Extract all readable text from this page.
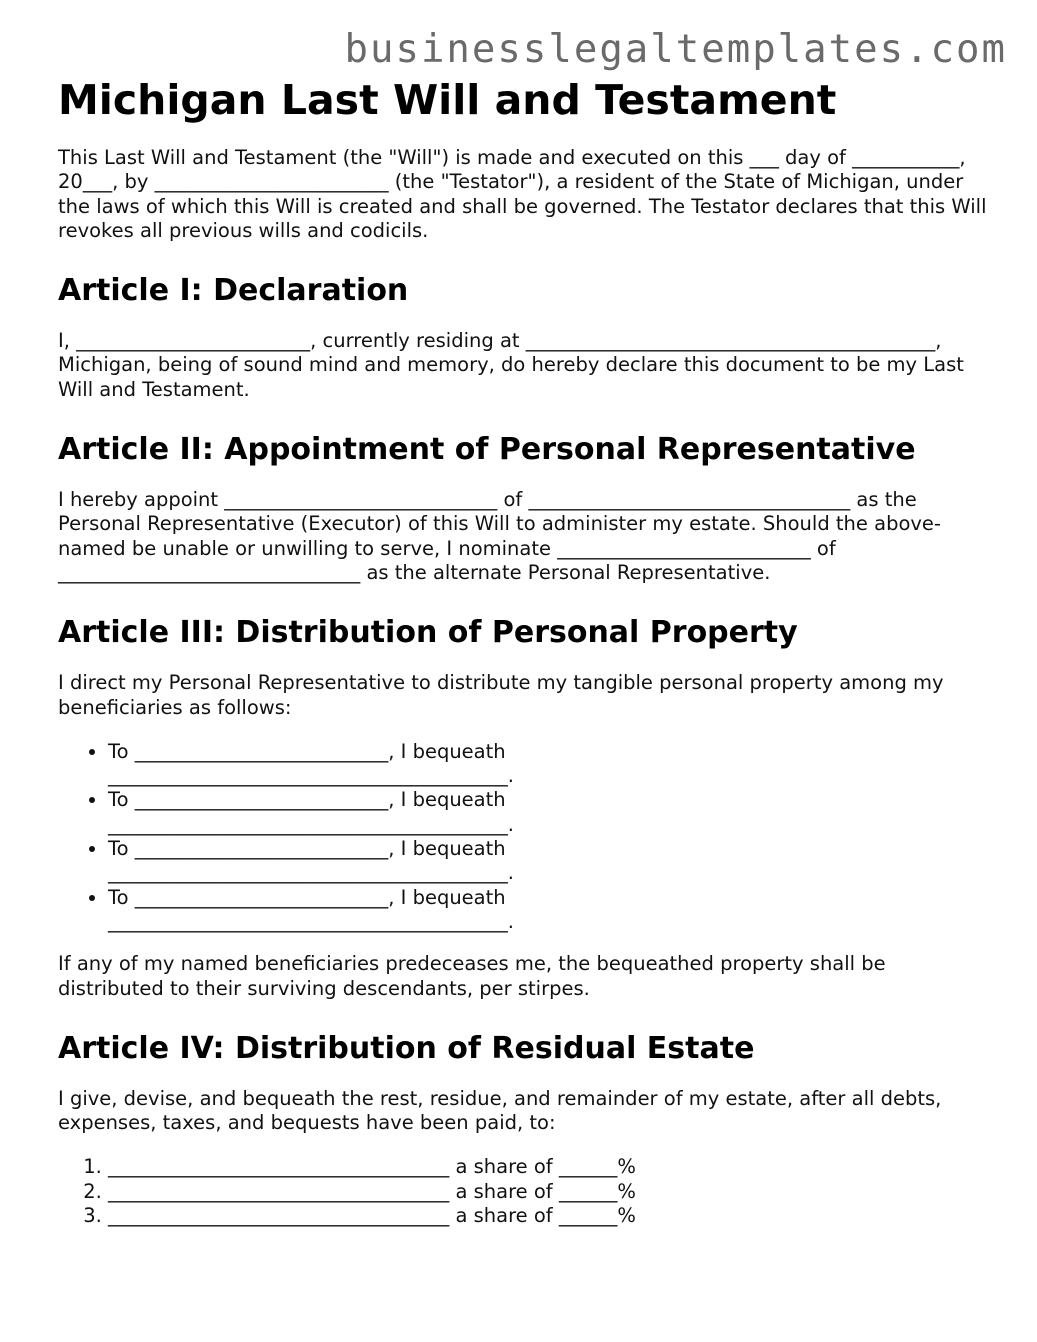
businesslegaltemplates.com
Michigan Last Will and Testament

This Last Will and Testament (the "Will") is made and executed on this ___ day of ___________, 20___, by ________________________ (the "Testator"), a resident of the State of Michigan, under the laws of which this Will is created and shall be governed. The Testator declares that this Will revokes all previous wills and codicils.

Article I: Declaration

I, ________________________, currently residing at __________________________________________, Michigan, being of sound mind and memory, do hereby declare this document to be my Last Will and Testament.

Article II: Appointment of Personal Representative

I hereby appoint ____________________________ of _________________________________ as the Personal Representative (Executor) of this Will to administer my estate. Should the above-named be unable or unwilling to serve, I nominate __________________________ of _______________________________ as the alternate Personal Representative.

Article III: Distribution of Personal Property

I direct my Personal Representative to distribute my tangible personal property among my beneficiaries as follows:

• To __________________________, I bequeath _________________________________________.
• To __________________________, I bequeath _________________________________________.
• To __________________________, I bequeath _________________________________________.
• To __________________________, I bequeath _________________________________________.

If any of my named beneficiaries predeceases me, the bequeathed property shall be distributed to their surviving descendants, per stirpes.

Article IV: Distribution of Residual Estate

I give, devise, and bequeath the rest, residue, and remainder of my estate, after all debts, expenses, taxes, and bequests have been paid, to:

1. ___________________________________ a share of ______%
2. ___________________________________ a share of ______%
3. ___________________________________ a share of ______%
